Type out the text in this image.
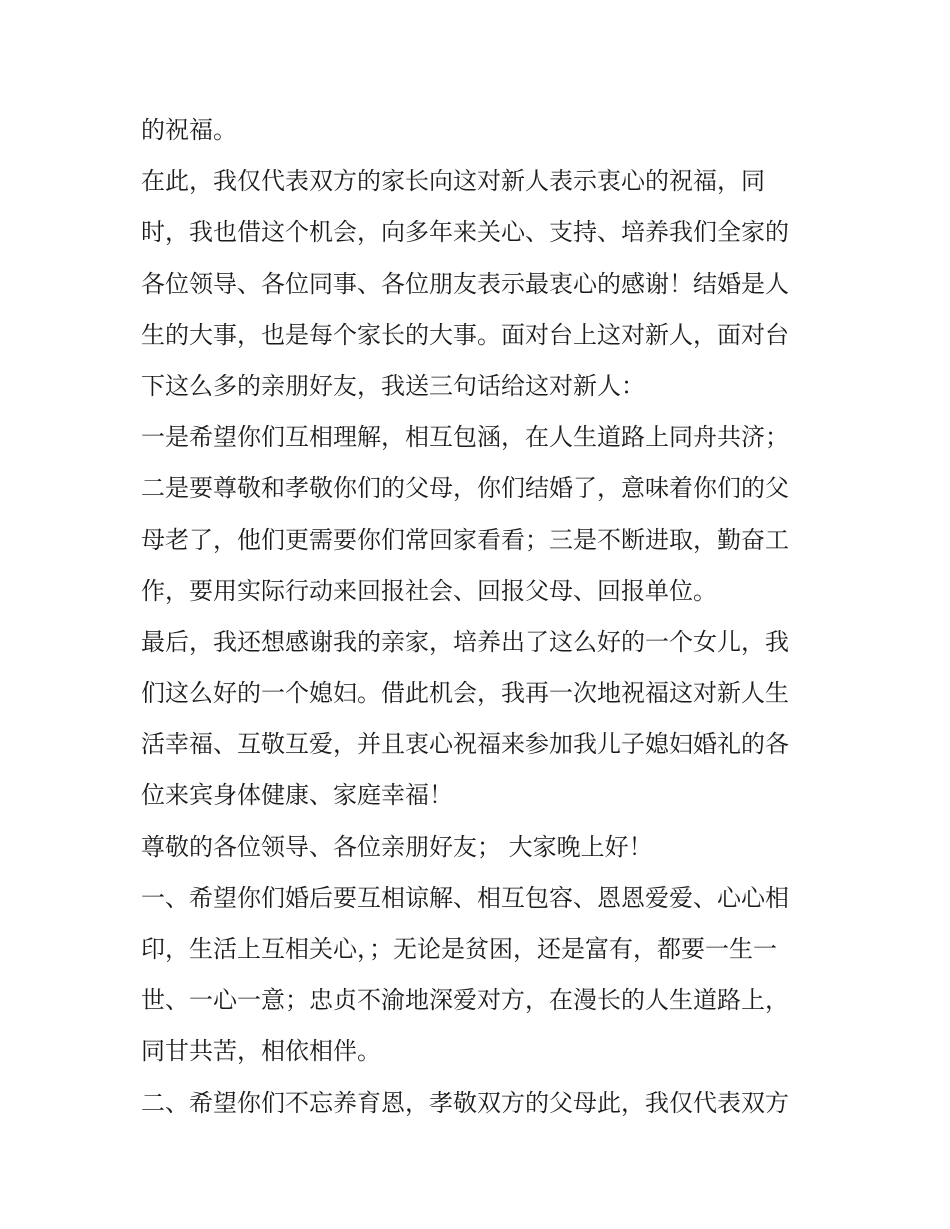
的祝福。
在此，我仅代表双方的家长向这对新人表示衷心的祝福，同
时，我也借这个机会，向多年来关心、支持、培养我们全家的
各位领导、各位同事、各位朋友表示最衷心的感谢！结婚是人
生的大事，也是每个家长的大事。面对台上这对新人，面对台
下这么多的亲朋好友，我送三句话给这对新人：
一是希望你们互相理解，相互包涵，在人生道路上同舟共济；
二是要尊敬和孝敬你们的父母，你们结婚了，意味着你们的父
母老了，他们更需要你们常回家看看；三是不断进取，勤奋工
作，要用实际行动来回报社会、回报父母、回报单位。
最后，我还想感谢我的亲家，培养出了这么好的一个女儿，我
们这么好的一个媳妇。借此机会，我再一次地祝福这对新人生
活幸福、互敬互爱，并且衷心祝福来参加我儿子媳妇婚礼的各
位来宾身体健康、家庭幸福！
尊敬的各位领导、各位亲朋好友； 大家晚上好！
一、希望你们婚后要互相谅解、相互包容、恩恩爱爱、心心相
印，生活上互相关心，；无论是贫困，还是富有，都要一生一
世、一心一意；忠贞不渝地深爱对方，在漫长的人生道路上，
同甘共苦，相依相伴。
二、希望你们不忘养育恩，孝敬双方的父母此，我仅代表双方
